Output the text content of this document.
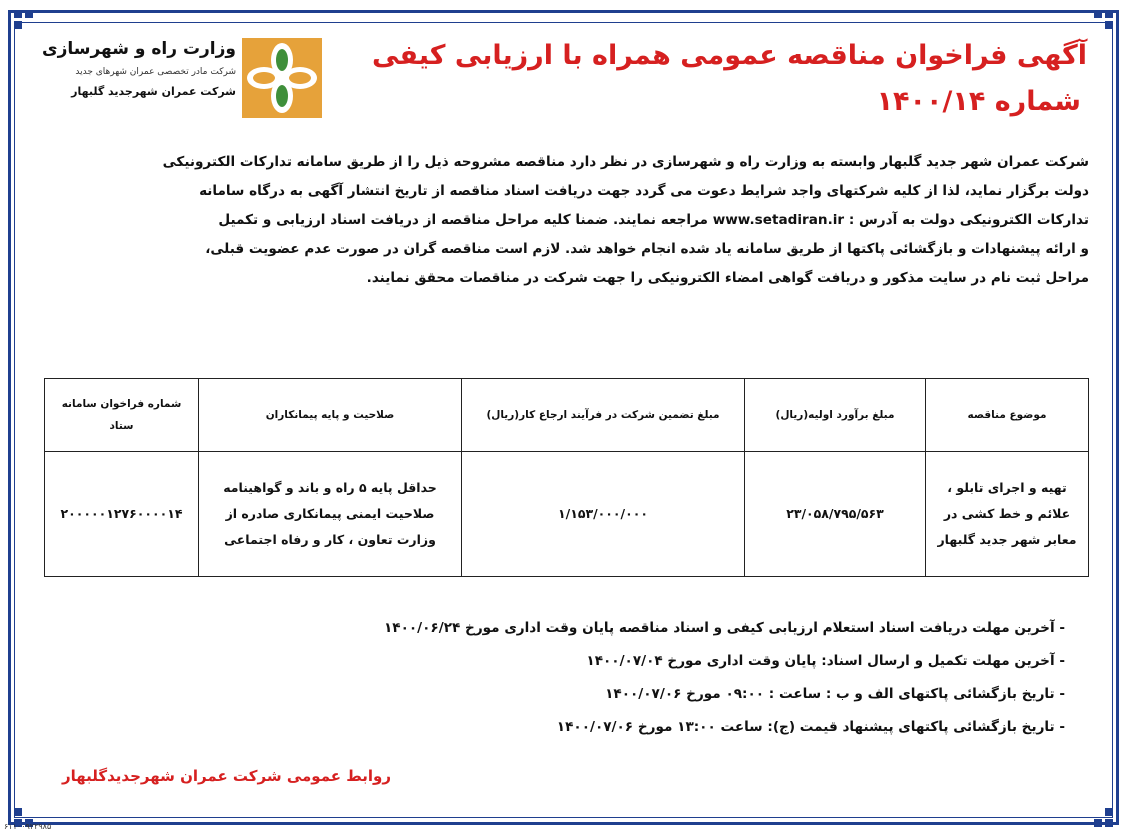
آگهی فراخوان مناقصه عمومی همراه با ارزیابی کیفی
شماره ۱۴۰۰/۱۴
وزارت راه و شهرسازی
شرکت مادر تخصصی عمران شهرهای جدید
شرکت عمران شهرجدید گلبهار

شرکت عمران شهر جدید گلبهار وابسته به وزارت راه و شهرسازی در نظر دارد مناقصه مشروحه ذیل را از طریق سامانه تدارکات الکترونیکی

دولت برگزار نماید، لذا از کلیه شرکتهای واجد شرایط دعوت می گردد جهت دریافت اسناد مناقصه از تاریخ انتشار آگهی به درگاه سامانه

تدارکات الکترونیکی دولت به آدرس : www.setadiran.ir مراجعه نمایند. ضمنا کلیه مراحل مناقصه از دریافت اسناد ارزیابی و تکمیل

و ارائه پیشنهادات و بازگشائی پاکتها از طریق سامانه یاد شده انجام خواهد شد. لازم است مناقصه گران در صورت عدم عضویت قبلی،

مراحل ثبت نام در سایت مذکور و دریافت گواهی امضاء الکترونیکی را جهت شرکت در مناقصات محقق نمایند.

موضوع مناقصه	مبلغ برآورد اولیه(ریال)	مبلغ تضمین شرکت در فرآیند ارجاع کار(ریال)	صلاحیت و پایه پیمانکاران	شماره فراخوان سامانه ستاد
تهیه و اجرای تابلو ، علائم و خط کشی در معابر شهر جدید گلبهار	۲۳/۰۵۸/۷۹۵/۵۶۳	۱/۱۵۳/۰۰۰/۰۰۰	حداقل پایه ۵ راه و باند و گواهینامه صلاحیت ایمنی پیمانکاری صادره از وزارت تعاون ، کار و رفاه اجتماعی	۲۰۰۰۰۰۱۲۷۶۰۰۰۰۱۴
- آخرین مهلت دریافت اسناد استعلام ارزیابی کیفی و اسناد مناقصه پایان وقت اداری مورخ ۱۴۰۰/۰۶/۲۴
- آخرین مهلت تکمیل و ارسال اسناد: پایان وقت اداری مورخ ۱۴۰۰/۰۷/۰۴
- تاریخ بازگشائی پاکتهای الف و ب : ساعت : ۰۹:۰۰ مورخ ۱۴۰۰/۰۷/۰۶
- تاریخ بازگشائی پاکتهای پیشنهاد قیمت (ج): ساعت ۱۳:۰۰ مورخ ۱۴۰۰/۰۷/۰۶
روابط عمومی شرکت عمران شهرجدیدگلبهار
۶۱۱۰۰۹۲۲۹۸۵
